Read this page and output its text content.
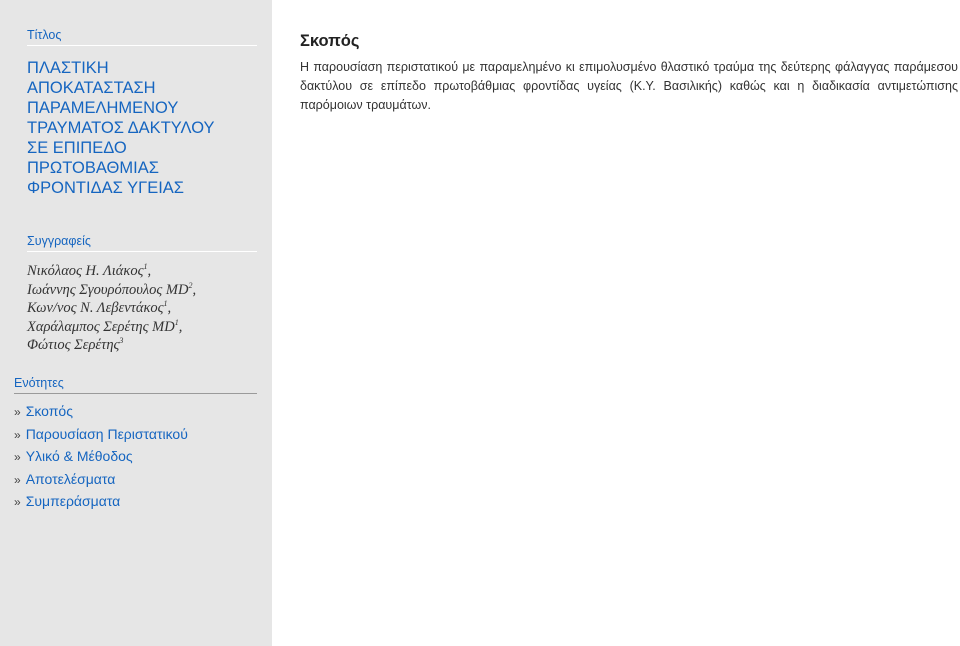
Τίτλος
ΠΛΑΣΤΙΚΗ
ΑΠΟΚΑΤΑΣΤΑΣΗ
ΠΑΡΑΜΕΛΗΜΕΝΟΥ
ΤΡΑΥΜΑΤΟΣ ΔΑΚΤΥΛΟΥ
ΣΕ ΕΠΙΠΕΔΟ
ΠΡΩΤΟΒΑΘΜΙΑΣ
ΦΡΟΝΤΙΔΑΣ ΥΓΕΙΑΣ
Συγγραφείς
Νικόλαος Η. Λιάκος$^1$,
Ιωάννης Σγουρόπουλος $MD^2$,
Κων/νος Ν. Λεβεντάκος$^1$,
Χαράλαμπος Σερέτης $MD^1$,
Φώτιος Σερέτης$^3$
Ενότητες
» Σκοπός
» Παρουσίαση Περιστατικού
» Υλικό & Μέθοδος
» Αποτελέσματα
» Συμπεράσματα
Σκοπός

Η παρουσίαση περιστατικού με παραμελημένο κι επιμολυσμένο θλαστικό τραύμα της δεύτερης φάλαγγας παράμεσου δακτύλου σε επίπεδο πρωτοβάθμιας φροντίδας υγείας (Κ.Υ. Βασιλικής) καθώς και η διαδικασία αντιμετώπισης παρόμοιων τραυμάτων.
